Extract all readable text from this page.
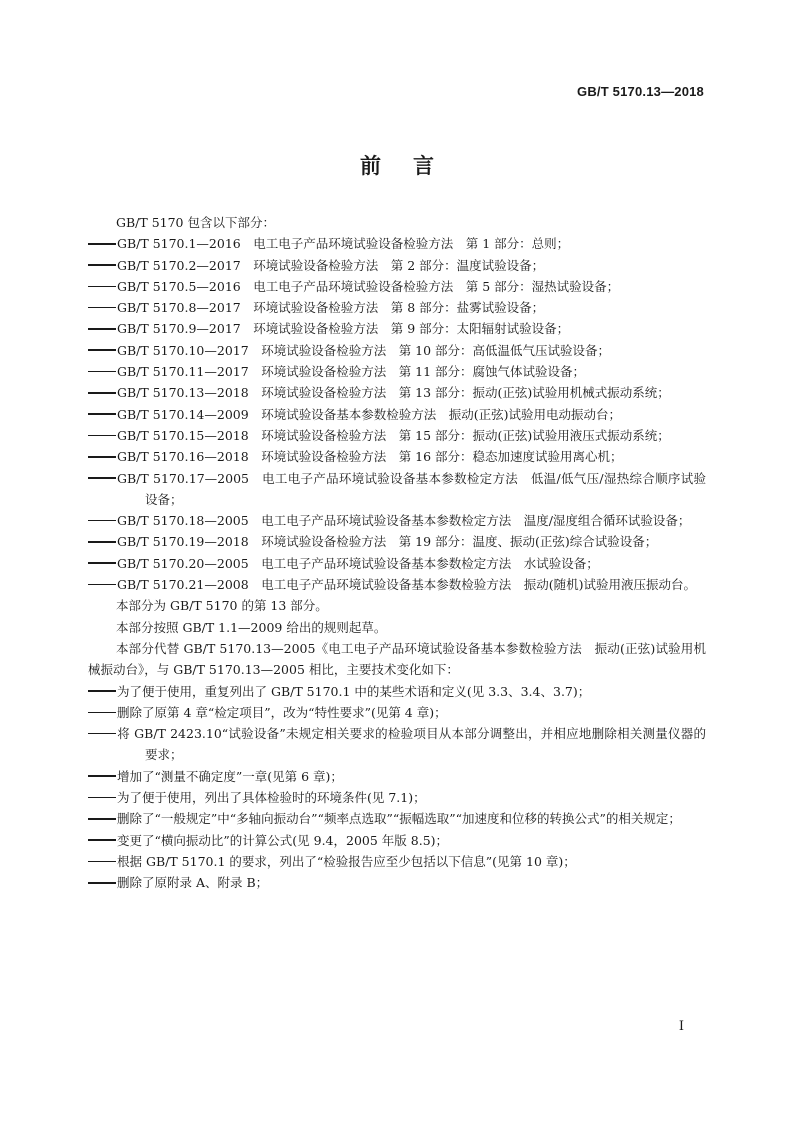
GB/T 5170.13—2018
前言
GB/T 5170 包含以下部分：
GB/T 5170.1—2016　电工电子产品环境试验设备检验方法　第 1 部分：总则；
GB/T 5170.2—2017　环境试验设备检验方法　第 2 部分：温度试验设备；
GB/T 5170.5—2016　电工电子产品环境试验设备检验方法　第 5 部分：湿热试验设备；
GB/T 5170.8—2017　环境试验设备检验方法　第 8 部分：盐雾试验设备；
GB/T 5170.9—2017　环境试验设备检验方法　第 9 部分：太阳辐射试验设备；
GB/T 5170.10—2017　环境试验设备检验方法　第 10 部分：高低温低气压试验设备；
GB/T 5170.11—2017　环境试验设备检验方法　第 11 部分：腐蚀气体试验设备；
GB/T 5170.13—2018　环境试验设备检验方法　第 13 部分：振动(正弦)试验用机械式振动系统；
GB/T 5170.14—2009　环境试验设备基本参数检验方法　振动(正弦)试验用电动振动台；
GB/T 5170.15—2018　环境试验设备检验方法　第 15 部分：振动(正弦)试验用液压式振动系统；
GB/T 5170.16—2018　环境试验设备检验方法　第 16 部分：稳态加速度试验用离心机；
GB/T 5170.17—2005　电工电子产品环境试验设备基本参数检定方法　低温/低气压/湿热综合顺序试验设备；
GB/T 5170.18—2005　电工电子产品环境试验设备基本参数检定方法　温度/湿度组合循环试验设备；
GB/T 5170.19—2018　环境试验设备检验方法　第 19 部分：温度、振动(正弦)综合试验设备；
GB/T 5170.20—2005　电工电子产品环境试验设备基本参数检定方法　水试验设备；
GB/T 5170.21—2008　电工电子产品环境试验设备基本参数检验方法　振动(随机)试验用液压振动台。
本部分为 GB/T 5170 的第 13 部分。
本部分按照 GB/T 1.1—2009 给出的规则起草。
本部分代替 GB/T 5170.13—2005《电工电子产品环境试验设备基本参数检验方法　振动(正弦)试验用机械振动台》，与 GB/T 5170.13—2005 相比，主要技术变化如下：
为了便于使用，重复列出了 GB/T 5170.1 中的某些术语和定义(见 3.3、3.4、3.7)；
删除了原第 4 章“检定项目”，改为“特性要求”(见第 4 章)；
将 GB/T 2423.10“试验设备”未规定相关要求的检验项目从本部分调整出，并相应地删除相关测量仪器的要求；
增加了“测量不确定度”一章(见第 6 章)；
为了便于使用，列出了具体检验时的环境条件(见 7.1)；
删除了“一般规定”中“多轴向振动台”“频率点选取”“振幅选取”“加速度和位移的转换公式”的相关规定；
变更了“横向振动比”的计算公式(见 9.4，2005 年版 8.5)；
根据 GB/T 5170.1 的要求，列出了“检验报告应至少包括以下信息”(见第 10 章)；
删除了原附录 A、附录 B；
I
